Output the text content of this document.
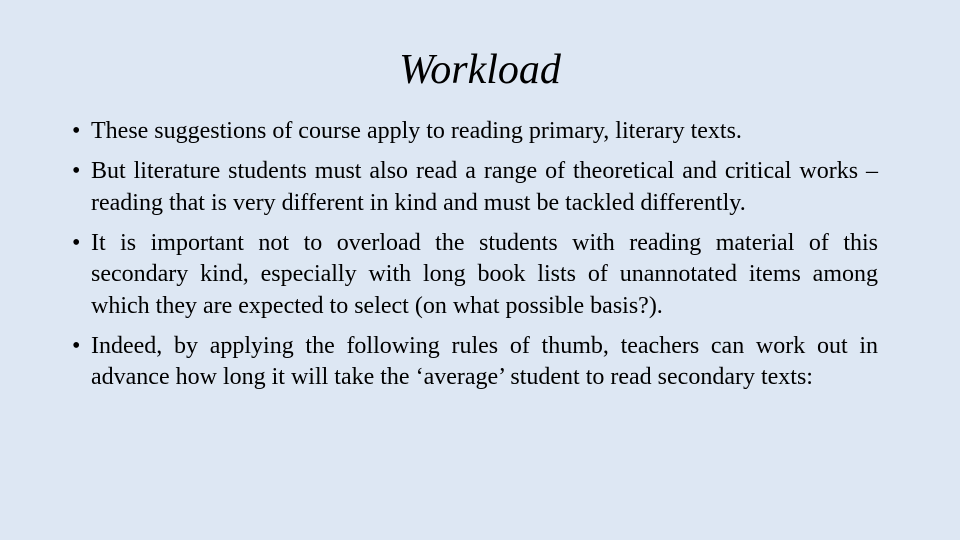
Workload
• These suggestions of course apply to reading primary, literary texts.
• But literature students must also read a range of theoretical and critical works – reading that is very different in kind and must be tackled differently.
• It is important not to overload the students with reading material of this secondary kind, especially with long book lists of unannotated items among which they are expected to select (on what possible basis?).
• Indeed, by applying the following rules of thumb, teachers can work out in advance how long it will take the ‘average’ student to read secondary texts:
